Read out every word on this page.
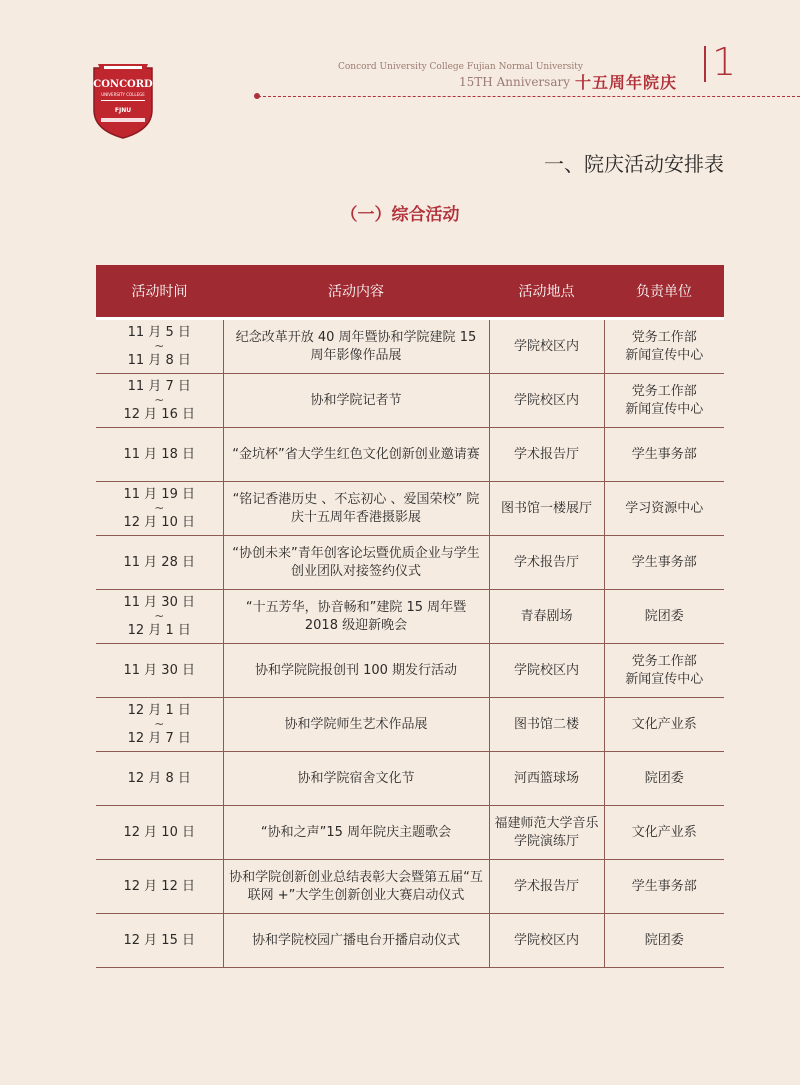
CONCORD
UNIVERSITY COLLEGE
FJNU
Concord University College Fujian Normal University
15TH Anniversary 十五周年院庆 1
一、院庆活动安排表
（一）综合活动
活动时间	活动内容	活动地点	负责单位

11 月 5 日
~
11 月 8 日	纪念改革开放 40 周年暨协和学院建院 15 周年影像作品展	学院校区内	党务工作部
新闻宣传中心

11 月 7 日
~
12 月 16 日	协和学院记者节	学院校区内	党务工作部
新闻宣传中心

11 月 18 日	“金坑杯”省大学生红色文化创新创业邀请赛	学术报告厅	学生事务部

11 月 19 日
~
12 月 10 日	“铭记香港历史 、不忘初心 、爱国荣校” 院庆十五周年香港摄影展	图书馆一楼展厅	学习资源中心

11 月 28 日	“协创未来”青年创客论坛暨优质企业与学生创业团队对接签约仪式	学术报告厅	学生事务部

11 月 30 日
~
12 月 1 日	“十五芳华，协音畅和”建院 15 周年暨 2018 级迎新晚会	青春剧场	院团委

11 月 30 日	协和学院院报创刊 100 期发行活动	学院校区内	党务工作部
新闻宣传中心

12 月 1 日
~
12 月 7 日	协和学院师生艺术作品展	图书馆二楼	文化产业系

12 月 8 日	协和学院宿舍文化节	河西篮球场	院团委

12 月 10 日	“协和之声”15 周年院庆主题歌会	福建师范大学音乐学院演练厅	文化产业系

12 月 12 日	协和学院创新创业总结表彰大会暨第五届“互联网 +”大学生创新创业大赛启动仪式	学术报告厅	学生事务部

12 月 15 日	协和学院校园广播电台开播启动仪式	学院校区内	院团委
